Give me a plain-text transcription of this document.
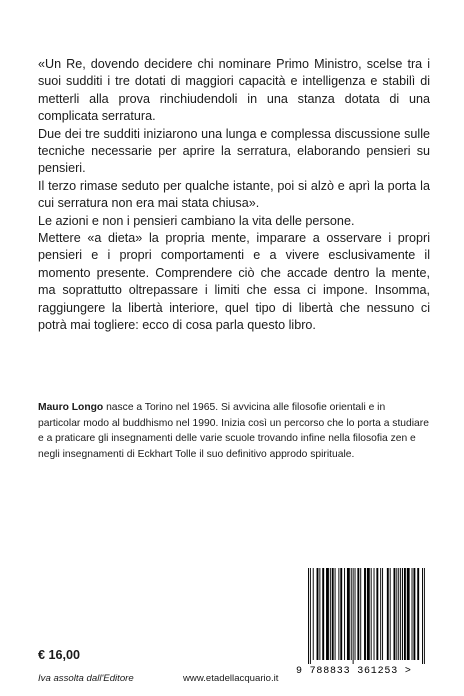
«Un Re, dovendo decidere chi nominare Primo Ministro, scelse tra i suoi sudditi i tre dotati di maggiori capacità e intelligenza e stabilì di metterli alla prova rinchiudendoli in una stanza dotata di una complicata serratura.

Due dei tre sudditi iniziarono una lunga e complessa discussione sulle tecniche necessarie per aprire la serratura, elaborando pensieri su pensieri.

Il terzo rimase seduto per qualche istante, poi si alzò e aprì la porta la cui serratura non era mai stata chiusa».

Le azioni e non i pensieri cambiano la vita delle persone.

Mettere «a dieta» la propria mente, imparare a osservare i propri pensieri e i propri comportamenti e a vivere esclusivamente il momento presente. Comprendere ciò che accade dentro la mente, ma soprattutto oltrepassare i limiti che essa ci impone. Insomma, raggiungere la libertà interiore, quel tipo di libertà che nessuno ci potrà mai togliere: ecco di cosa parla questo libro.

Mauro Longo nasce a Torino nel 1965. Si avvicina alle filosofie orientali e in particolar modo al buddhismo nel 1990. Inizia così un percorso che lo porta a studiare e a praticare gli insegnamenti delle varie scuole trovando infine nella filosofia zen e negli insegnamenti di Eckhart Tolle il suo definitivo approdo spirituale.
€ 16,00
Iva assolta dall'Editore	www.etadellacquario.it
9 788833 361253 >
